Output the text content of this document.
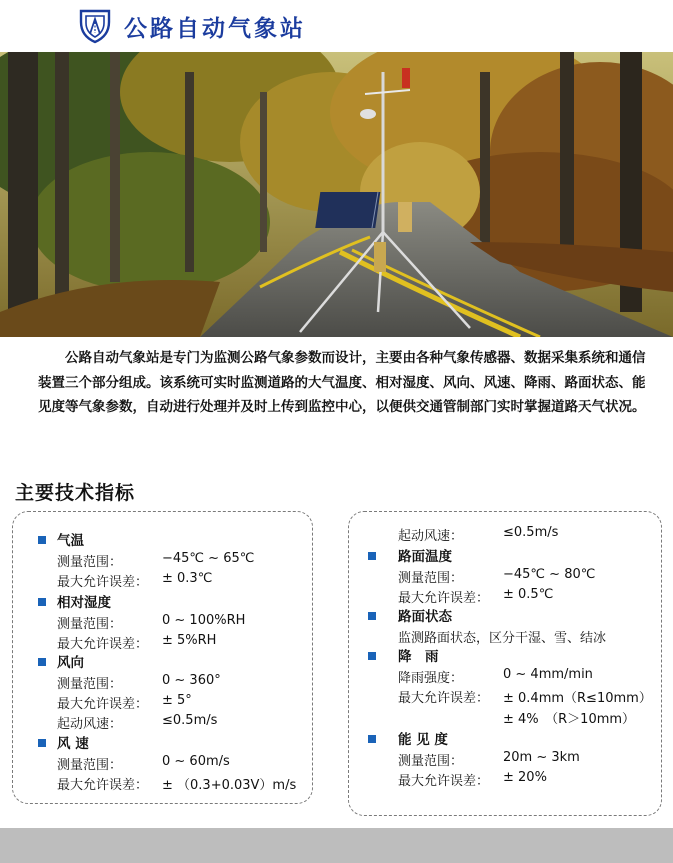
公路自动气象站
公路自动气象站是专门为监测公路气象参数而设计，主要由各种气象传感器、数据采集系统和通信装置三个部分组成。该系统可实时监测道路的大气温度、相对湿度、风向、风速、降雨、路面状态、能见度等气象参数，自动进行处理并及时上传到监控中心，以便供交通管制部门实时掌握道路天气状况。
主要技术指标
气温
测量范围：	−45℃ ~ 65℃
最大允许误差： ± 0.3℃
相对湿度
测量范围：	0 ~ 100%RH
最大允许误差： ± 5%RH
风向
测量范围：	0 ~ 360°
最大允许误差： ± 5°
起动风速：	≤0.5m/s
风 速
测量范围：	0 ~ 60m/s
最大允许误差： ± （0.3+0.03V）m/s
起动风速：	≤0.5m/s
路面温度
测量范围：	−45℃ ~ 80℃
最大允许误差： ± 0.5℃
路面状态
监测路面状态，区分干湿、雪、结冰
降　雨
降雨强度：	0 ~ 4mm/min
最大允许误差： ± 0.4mm（R≤10mm）
± 4%　（R＞10mm）
能 见 度
测量范围：	20m ~ 3km
最大允许误差： ± 20%
